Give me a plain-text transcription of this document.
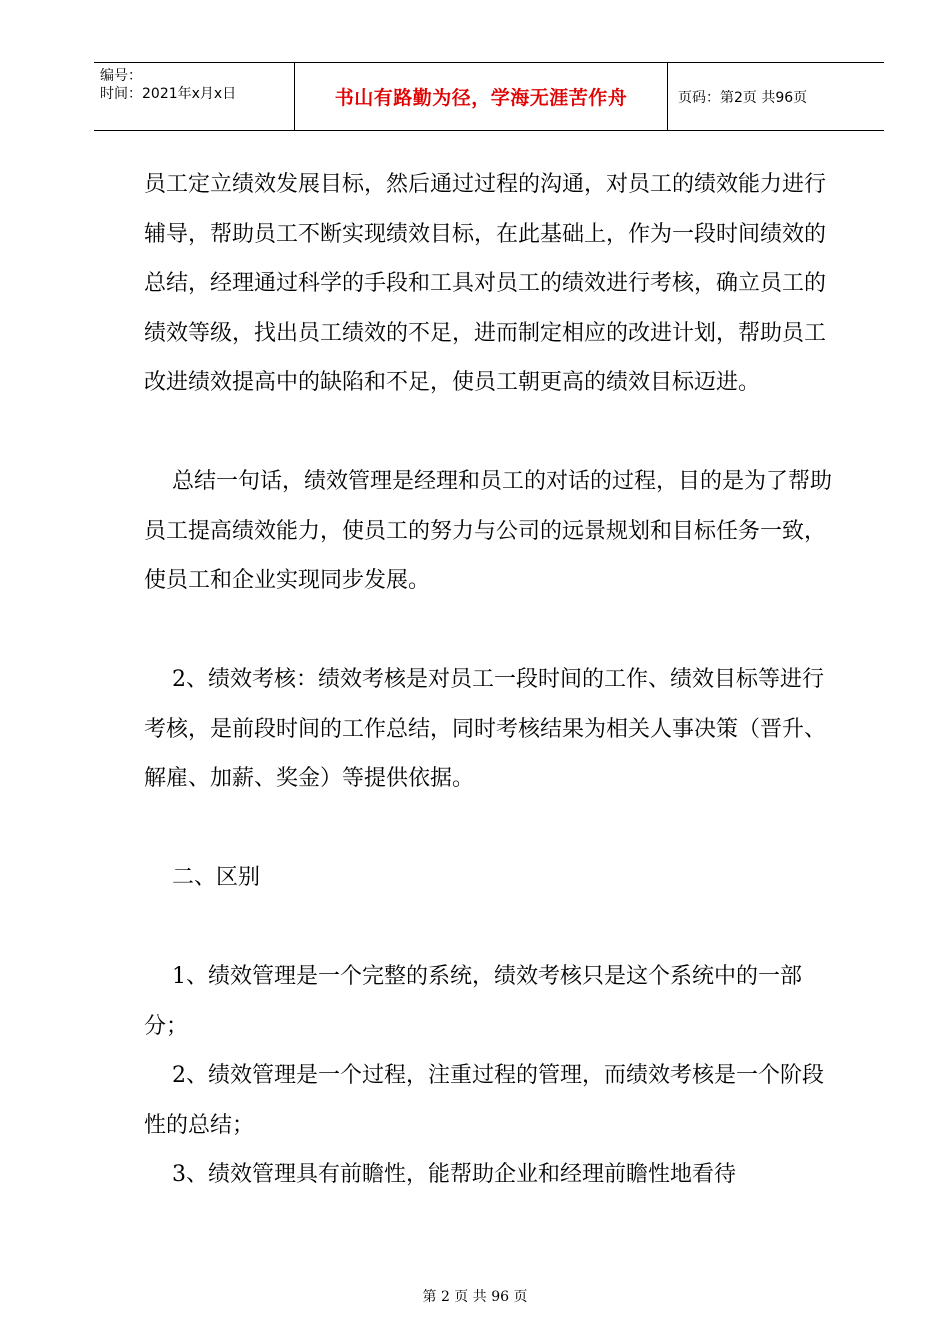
编号：
时间：2021年x月x日	书山有路勤为径，学海无涯苦作舟	页码：第2页 共96页

员工定立绩效发展目标，然后通过过程的沟通，对员工的绩效能力进行辅导，帮助员工不断实现绩效目标，在此基础上，作为一段时间绩效的总结，经理通过科学的手段和工具对员工的绩效进行考核，确立员工的绩效等级，找出员工绩效的不足，进而制定相应的改进计划，帮助员工改进绩效提高中的缺陷和不足，使员工朝更高的绩效目标迈进。

总结一句话，绩效管理是经理和员工的对话的过程，目的是为了帮助员工提高绩效能力，使员工的努力与公司的远景规划和目标任务一致，使员工和企业实现同步发展。

2、绩效考核：绩效考核是对员工一段时间的工作、绩效目标等进行考核，是前段时间的工作总结，同时考核结果为相关人事决策（晋升、解雇、加薪、奖金）等提供依据。

二、区别

1、绩效管理是一个完整的系统，绩效考核只是这个系统中的一部分；

2、绩效管理是一个过程，注重过程的管理，而绩效考核是一个阶段性的总结；

3、绩效管理具有前瞻性，能帮助企业和经理前瞻性地看待

第 2 页 共 96 页
